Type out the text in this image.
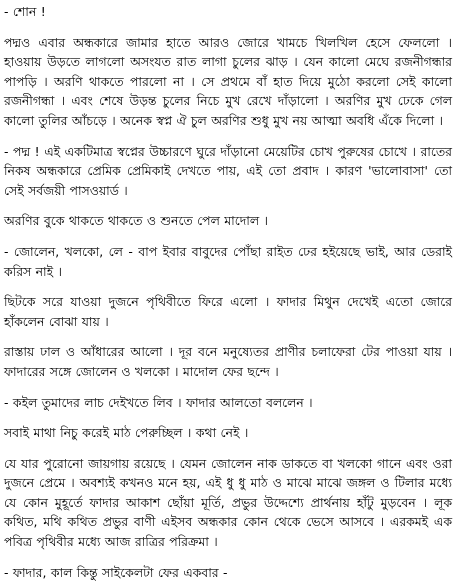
- শোন !

পদ্মও এবার অন্ধকারে জামার হাতে আরও জোরে খামচে খিলখিল হেসে ফেললো । হাওয়ায় উড়তে লাগলো অসংযত রাত লাগা চুলের ঝাড় । যেন কালো মেঘে রজনীগন্ধার পাপড়ি । অরণি থাকতে পারলো না । সে প্রথমে বাঁ হাত দিয়ে মুঠো করলো সেই কালো রজনীগন্ধা । এবং শেষে উড়ন্ত চুলের নিচে মুখ রেখে দাঁড়ালো । অরণির মুখ ঢেকে গেল কালো তুলির আঁচড়ে । অনেক স্বপ্ন ঐ চুল অরণির শুধু মুখ নয় আত্মা অবধি এঁকে দিলো ।

- পদ্ম ! এই একটিমাত্র স্বপ্নের উচ্চারণে ঘুরে দাঁড়ানো মেয়েটির চোখ পুরুষের চোখে । রাতের নিকষ অন্ধকারে প্রেমিক প্রেমিকাই দেখতে পায়, এই তো প্রবাদ । কারণ 'ভালোবাসা' তো সেই সর্বজয়ী পাসওয়ার্ড ।

অরণির বুকে থাকতে থাকতে ও শুনতে পেল মাদোল ।

- জোলেন, খলকো, লে - বাপ ইবার বাবুদের পোঁছা রাইত ঢের হইয়েছে ভাই, আর ডেরাই করিস নাই ।

ছিটকে সরে যাওয়া দুজনে পৃথিবীতে ফিরে এলো । ফাদার মিথুন দেখেই এতো জোরে হাঁকলেন বোঝা যায় ।

রাস্তায় ঢাল ও আঁধারের আলো । দূর বনে মনুষ্যেতর প্রাণীর চলাফেরা টের পাওয়া যায় । ফাদারের সঙ্গে জোলেন ও খলকো । মাদোল ফের ছন্দে ।

- কইল তুমাদের লাচ দেইখতে লিব । ফাদার আলতো বললেন ।

সবাই মাথা নিচু করেই মাঠ পেরুচ্ছিল । কথা নেই ।

যে যার পুরোনো জায়গায় রয়েছে । যেমন জোলেন নাক ডাকতে বা খলকো গানে এবং ওরা দুজনে প্রেমে । অবশ্যই কখনও মনে হয়, এই ধু ধু মাঠ ও মাঝে মাঝে জঙ্গল ও টিলার মধ্যে যে কোন মুহূর্তে ফাদার আকাশ ছোঁয়া মূর্তি, প্রভুর উদ্দেশ্যে প্রার্থনায় হাঁটু মুড়বেন । লূক কথিত, মথি কথিত প্রভুর বাণী এইসব অন্ধকার কোন থেকে ভেসে আসবে । এরকমই এক পবিত্র পৃথিবীর মধ্যে আজ রাত্রির পরিক্রমা ।

- ফাদার, কাল কিন্তু সাইকেলটা ফের একবার -
